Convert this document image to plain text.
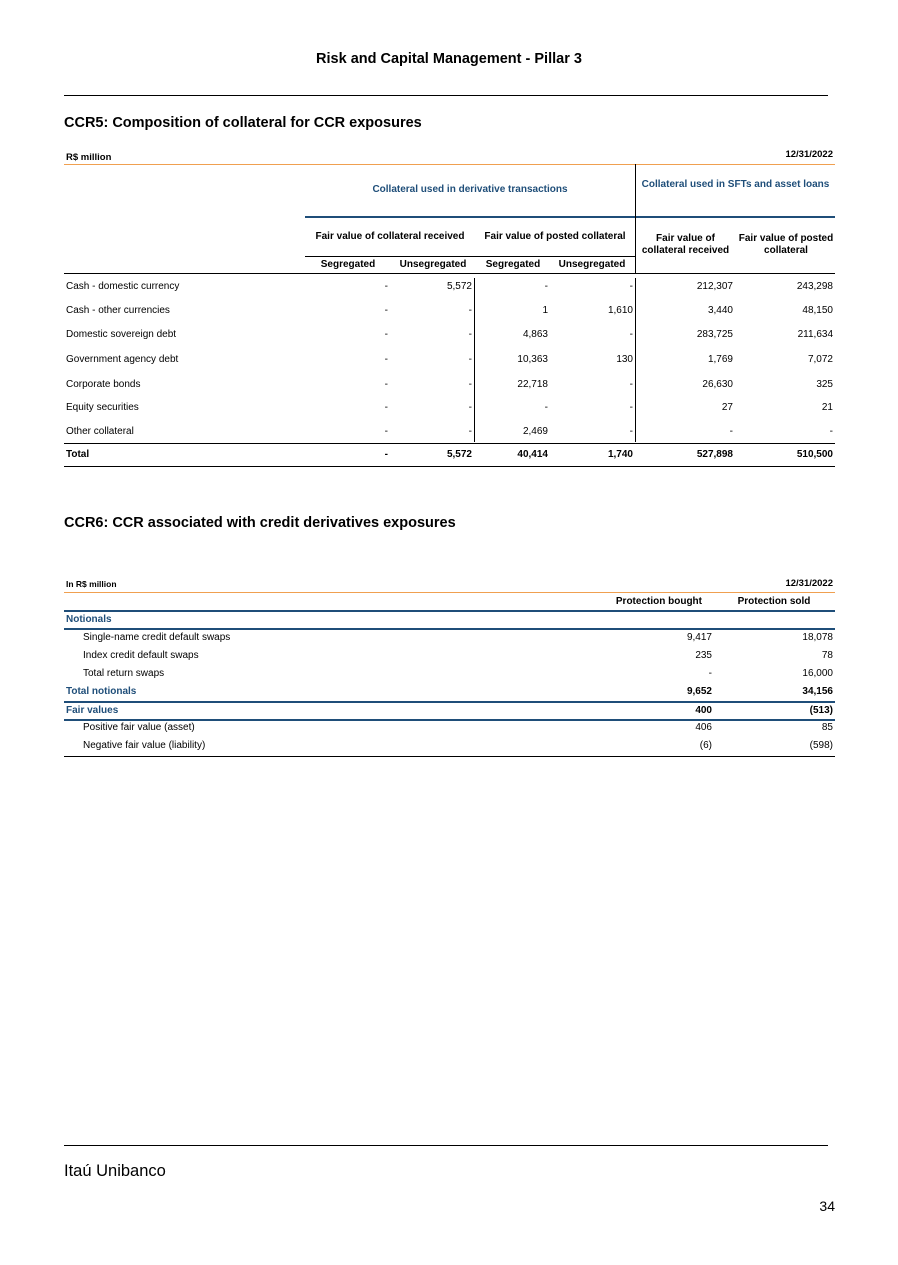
Risk and Capital Management - Pillar 3
CCR5: Composition of collateral for CCR exposures
R$ million	12/31/2022
Collateral used in derivative transactions	Collateral used in SFTs and asset loans
Fair value of collateral received	Fair value of posted collateral	Fair value of collateral received
Fair value of posted collateral
Segregated	Unsegregated	Segregated	Unsegregated
Cash - domestic currency	-	5,572	-	-	212,307	243,298
Cash - other currencies	-	-	1	1,610	3,440	48,150
Domestic sovereign debt	-	-	4,863	-	283,725	211,634
Government agency debt	-	-	10,363	130	1,769	7,072
Corporate bonds	-	-	22,718	-	26,630	325
Equity securities	-	-	-	-	27	21
Other collateral	-	-	2,469	-	-	-
Total	-	5,572	40,414	1,740	527,898	510,500
CCR6: CCR associated with credit derivatives exposures
In R$ million	12/31/2022
Protection bought	Protection sold
Notionals
Single-name credit default swaps	9,417	18,078
Index credit default swaps	235	78
Total return swaps	-	16,000
Total notionals	9,652	34,156
Fair values	400	(513)
Positive fair value (asset)	406	85
Negative fair value (liability)	(6)	(598)
Itaú Unibanco
34
